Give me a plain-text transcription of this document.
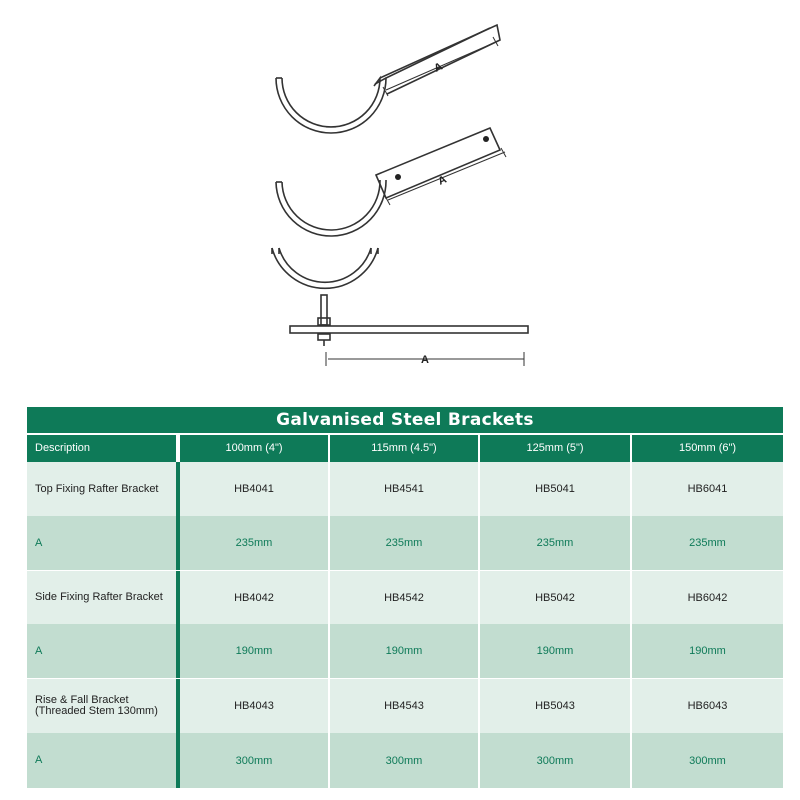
A
A
A
Galvanised Steel Brackets
Description	100mm (4")	115mm (4.5")	125mm (5")	150mm (6")
Top Fixing Rafter Bracket	HB4041	HB4541	HB5041	HB6041
A	235mm	235mm	235mm	235mm
Side Fixing Rafter Bracket	HB4042	HB4542	HB5042	HB6042
A	190mm	190mm	190mm	190mm
Rise & Fall Bracket
(Threaded Stem 130mm)	HB4043	HB4543	HB5043	HB6043
A	300mm	300mm	300mm	300mm
